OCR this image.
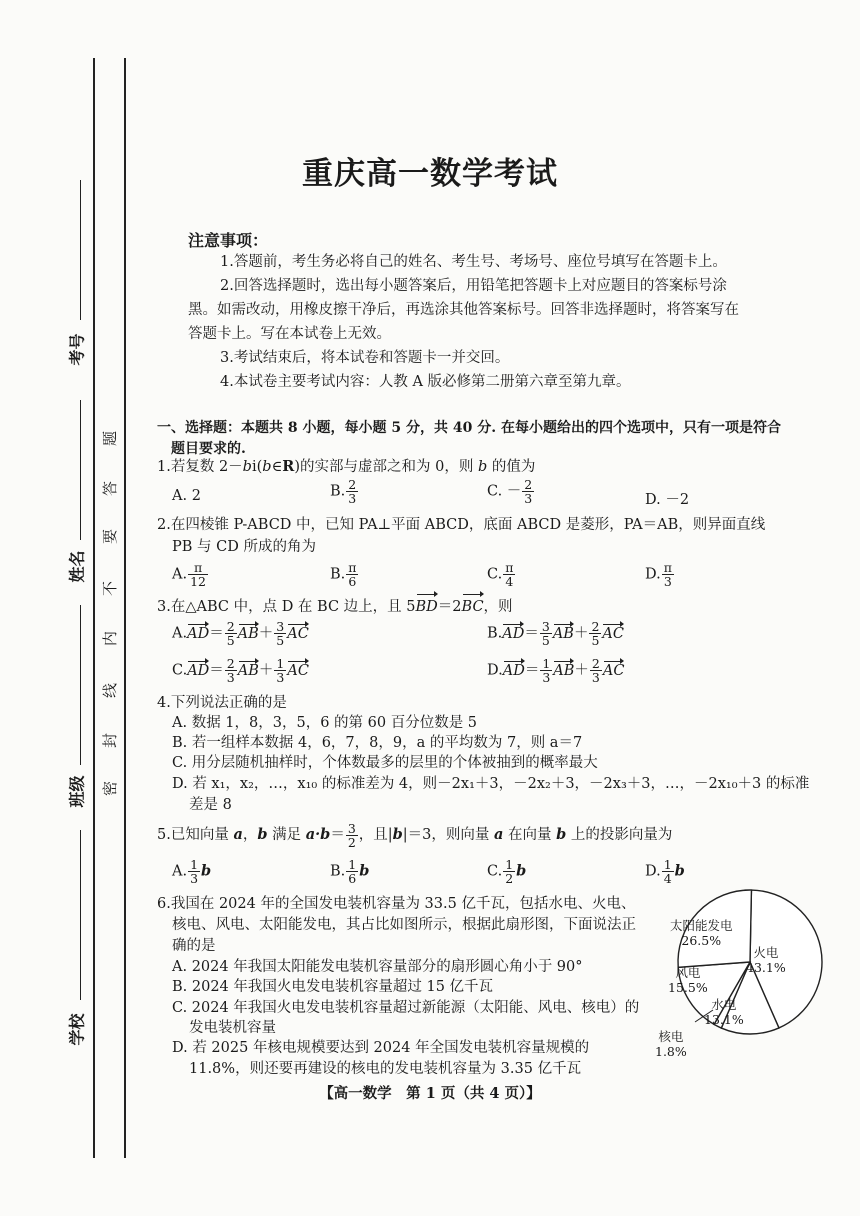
考号
姓名
班级
学校
题
答
要
不
内
线
封
密
重庆高一数学考试
注意事项：
1.答题前，考生务必将自己的姓名、考生号、考场号、座位号填写在答题卡上。
2.回答选择题时，选出每小题答案后，用铅笔把答题卡上对应题目的答案标号涂
黑。如需改动，用橡皮擦干净后，再选涂其他答案标号。回答非选择题时，将答案写在
答题卡上。写在本试卷上无效。
3.考试结束后，将本试卷和答题卡一并交回。
4.本试卷主要考试内容：人教 A 版必修第二册第六章至第九章。
一、选择题：本题共 8 小题，每小题 5 分，共 40 分. 在每小题给出的四个选项中，只有一项是符合
题目要求的.
1.若复数 2－bi(b∈R)的实部与虚部之和为 0，则 b 的值为
A. 2	B. $\frac{2}{3}$	C. － $\frac{2}{3}$	D. －2
2.在四棱锥 P-ABCD 中，已知 PA⊥平面 ABCD，底面 ABCD 是菱形，PA＝AB，则异面直线
PB 与 CD 所成的角为
A. $\frac{\pi}{12}$	B. $\frac{\pi}{6}$	C. $\frac{\pi}{4}$	D. $\frac{\pi}{3}$
3.在△ABC 中，点 D 在 BC 边上，且 5BD＝2BC，则
$A.AD= \frac{2}{5} AB+ \frac{3}{5}$ AC	$B.AD= \frac{3}{5} AB+ \frac{2}{5}$ AC
$C.AD= \frac{2}{3} AB+ \frac{1}{3}$ AC	$D.AD= \frac{1}{3} AB+ \frac{2}{3}$ AC
4.下列说法正确的是
A. 数据 1，8，3，5，6 的第 60 百分位数是 5
B. 若一组样本数据 4，6，7，8，9，a 的平均数为 7，则 a＝7
C. 用分层随机抽样时，个体数最多的层里的个体被抽到的概率最大
D. 若 x₁，x₂，…，x₁₀ 的标准差为 4，则－2x₁＋3，－2x₂＋3，－2x₃＋3，…，－2x₁₀＋3 的标准
差是 8
5.已知向量 a，b 满足 $a\cdot b= \frac{3}{2}$ ，且|b|＝3，则向量 a 在向量 b 上的投影向量为
A. $\frac{1}{3}$ b	B. $\frac{1}{6}$ b	C. $\frac{1}{2}$ b	D. $\frac{1}{4}$ b
6.我国在 2024 年的全国发电装机容量为 33.5 亿千瓦，包括水电、火电、
核电、风电、太阳能发电，其占比如图所示，根据此扇形图，下面说法正
确的是
A. 2024 年我国太阳能发电装机容量部分的扇形圆心角小于 90°
B. 2024 年我国火电发电装机容量超过 15 亿千瓦
C. 2024 年我国火电发电装机容量超过新能源（太阳能、风电、核电）的
发电装机容量
D. 若 2025 年核电规模要达到 2024 年全国发电装机容量规模的
11.8%，则还要再建设的核电的发电装机容量为 3.35 亿千瓦
太阳能发电
26.5%
火电
43.1%
风电
15.5%
水电
13.1%
核电
1.8%
【高一数学　第 1 页（共 4 页）】
